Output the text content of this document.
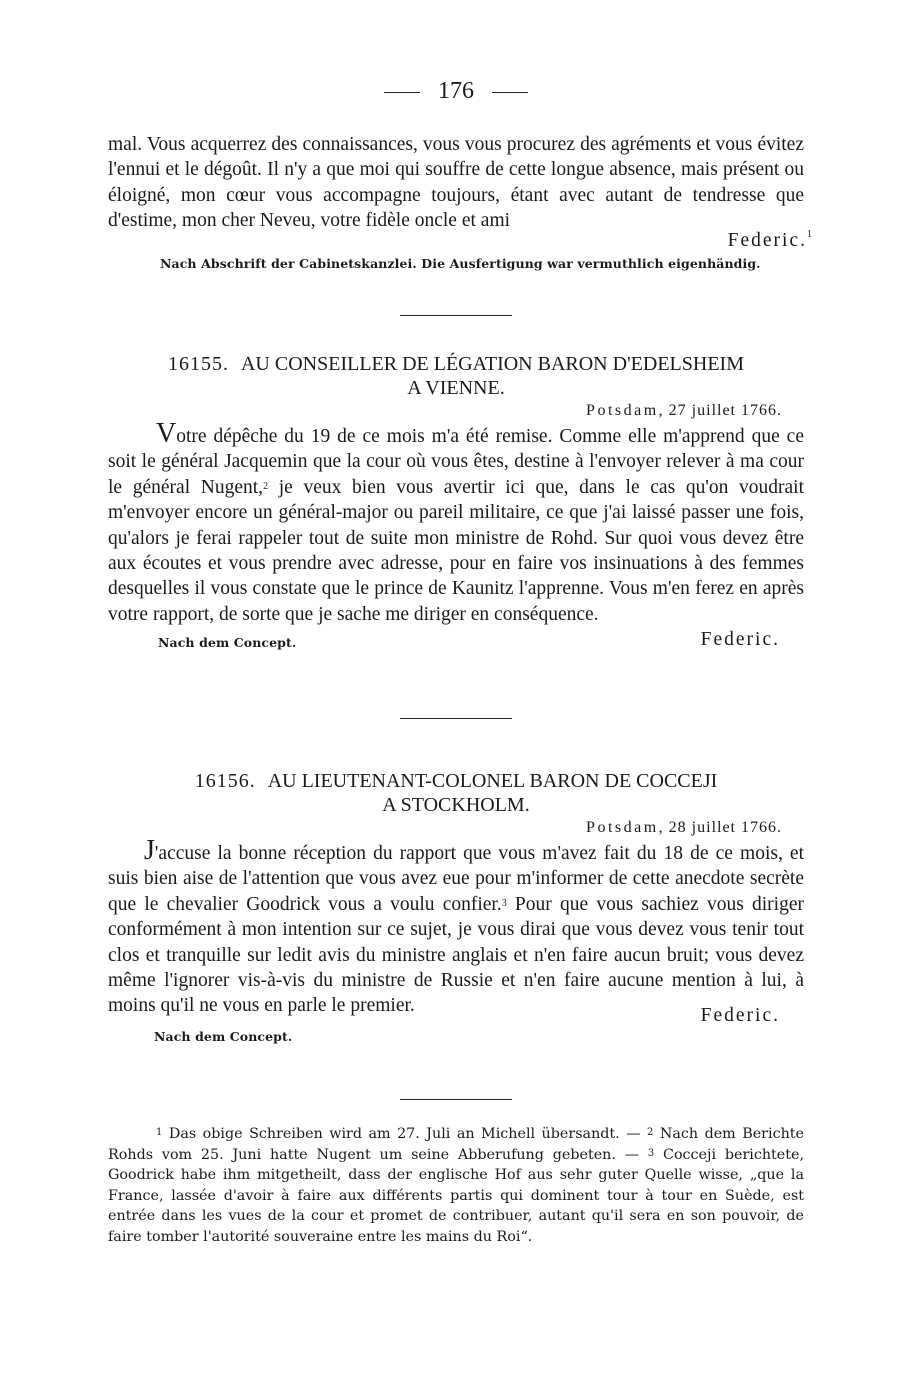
176

mal. Vous acquerrez des connaissances, vous vous procurez des agréments et vous évitez l'ennui et le dégoût. Il n'y a que moi qui souffre de cette longue absence, mais présent ou éloigné, mon cœur vous accompagne toujours, étant avec autant de tendresse que d'estime, mon cher Neveu, votre fidèle oncle et ami

Federic.$^1$
Nach Abschrift der Cabinetskanzlei. Die Ausfertigung war vermuthlich eigenhändig.
16155. AU CONSEILLER DE LÉGATION BARON D'EDELSHEIM
A VIENNE.
Potsdam, 27 juillet 1766.

Votre dépêche du 19 de ce mois m'a été remise. Comme elle m'apprend que ce soit le général Jacquemin que la cour où vous êtes, destine à l'envoyer relever à ma cour le général Nugent,$^2$ je veux bien vous avertir ici que, dans le cas qu'on voudrait m'envoyer encore un général-major ou pareil militaire, ce que j'ai laissé passer une fois, qu'alors je ferai rappeler tout de suite mon ministre de Rohd. Sur quoi vous devez être aux écoutes et vous prendre avec adresse, pour en faire vos insinuations à des femmes desquelles il vous constate que le prince de Kaunitz l'apprenne. Vous m'en ferez en après votre rapport, de sorte que je sache me diriger en conséquence.

Nach dem Concept.	Federic.
16156. AU LIEUTENANT-COLONEL BARON DE COCCEJI
A STOCKHOLM.
Potsdam, 28 juillet 1766.

J'accuse la bonne réception du rapport que vous m'avez fait du 18 de ce mois, et suis bien aise de l'attention que vous avez eue pour m'informer de cette anecdote secrète que le chevalier Goodrick vous a voulu confier.$^3$ Pour que vous sachiez vous diriger conformément à mon intention sur ce sujet, je vous dirai que vous devez vous tenir tout clos et tranquille sur ledit avis du ministre anglais et n'en faire aucun bruit; vous devez même l'ignorer vis-à-vis du ministre de Russie et n'en faire aucune mention à lui, à moins qu'il ne vous en parle le premier.

Nach dem Concept.
Federic.
$^1$ Das obige Schreiben wird am 27. Juli an Michell übersandt. — $^2$ Nach dem Berichte Rohds vom 25. Juni hatte Nugent um seine Abberufung gebeten. — $^3$ Cocceji berichtete, Goodrick habe ihm mitgetheilt, dass der englische Hof aus sehr guter Quelle wisse, „que la France, lassée d'avoir à faire aux différents partis qui dominent tour à tour en Suède, est entrée dans les vues de la cour et promet de contribuer, autant qu'il sera en son pouvoir, de faire tomber l'autorité souveraine entre les mains du Roi“.
